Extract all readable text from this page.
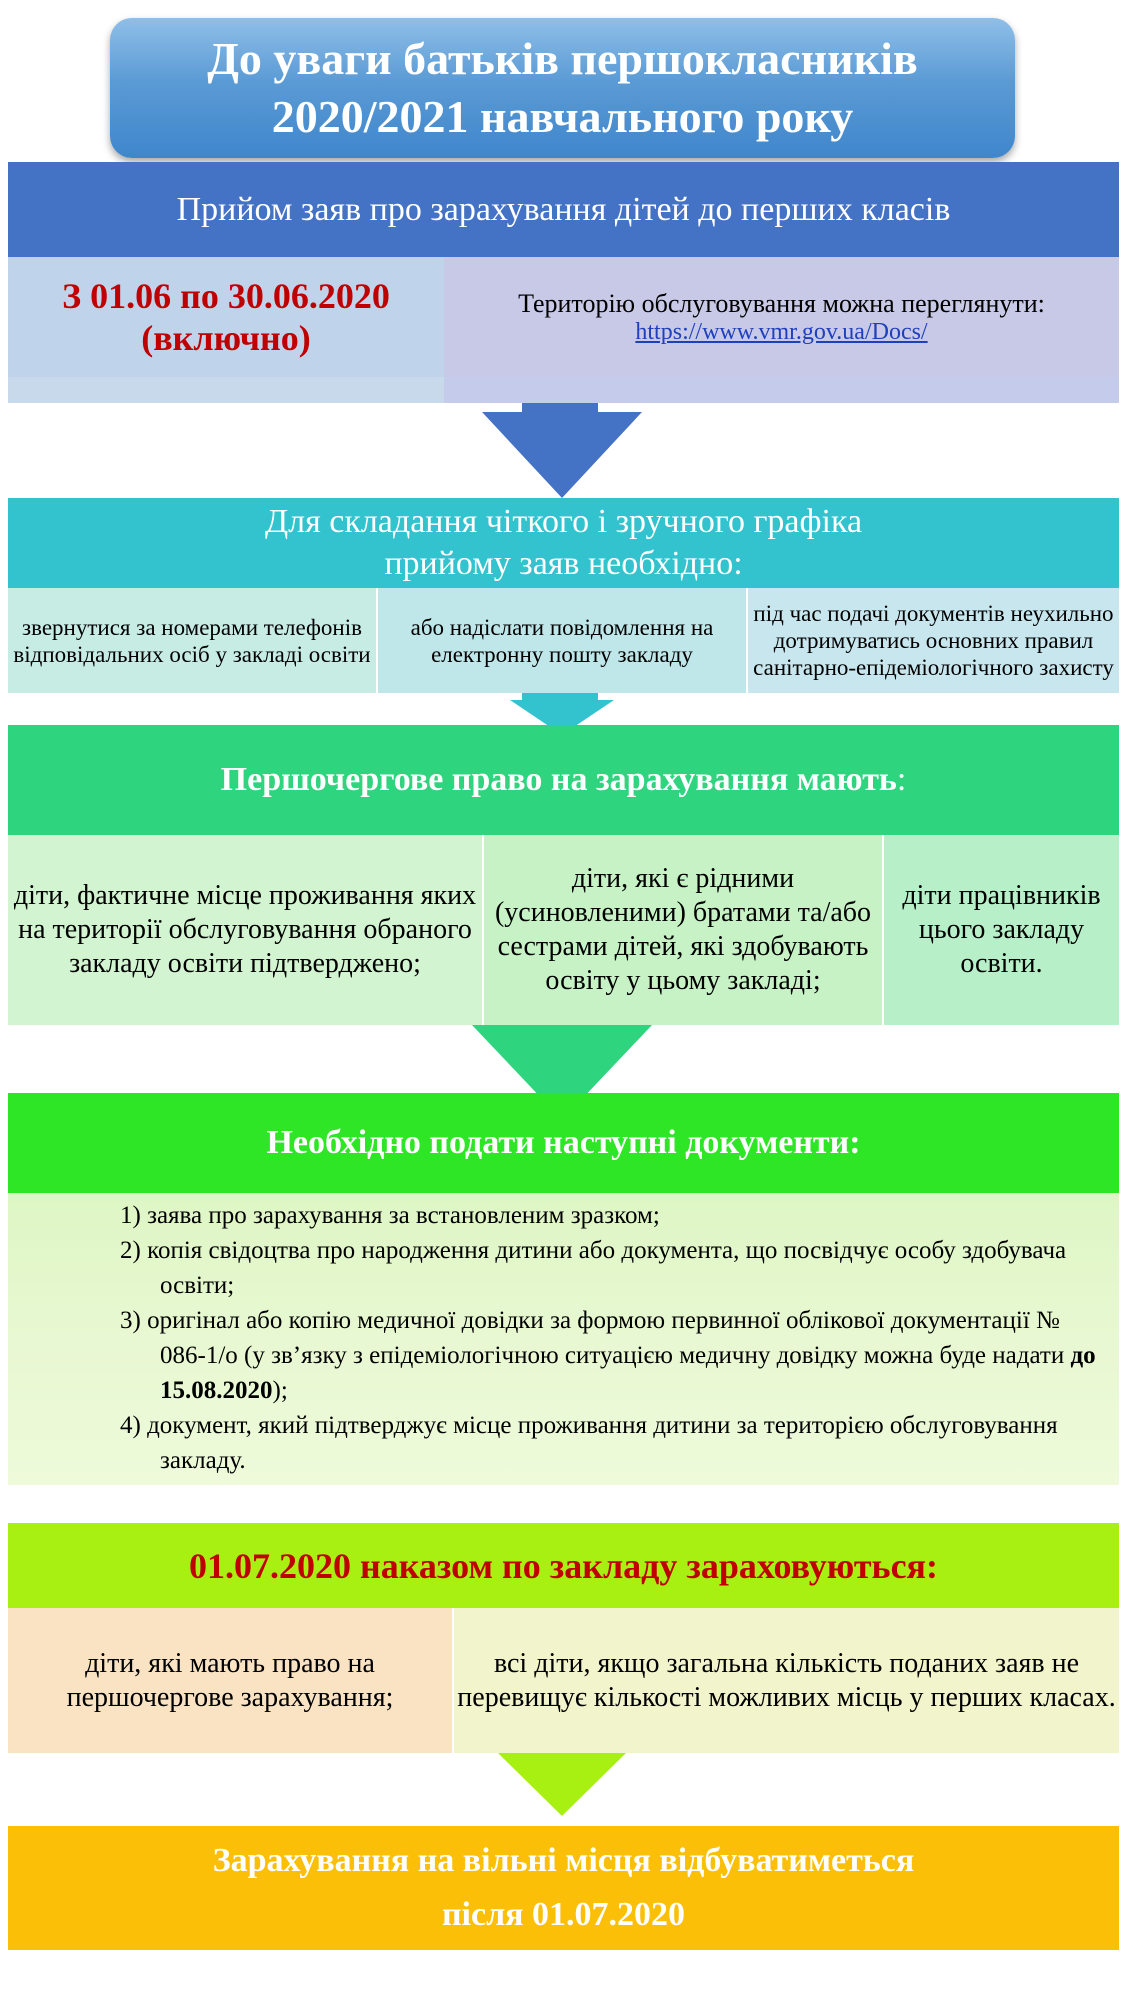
До уваги батьків першокласників
2020/2021 навчального року
Прийом заяв про зарахування дітей до перших класів
З 01.06 по 30.06.2020
(включно)
Територію обслуговування можна переглянути:
https://www.vmr.gov.ua/Docs/
Для складання чіткого і зручного графіка
прийому заяв необхідно:
звернутися за номерами телефонів відповідальних осіб у закладі освіти
або надіслати повідомлення на електронну пошту закладу
під час подачі документів неухильно дотримуватись основних правил санітарно-епідеміологічного захисту
Першочергове право на зарахування мають:
діти, фактичне місце проживання яких на території обслуговування обраного закладу освіти підтверджено;
діти, які є рідними (усиновленими) братами та/або сестрами дітей, які здобувають освіту у цьому закладі;
діти працівників цього закладу освіти.
Необхідно подати наступні документи:
1) заява про зарахування за встановленим зразком;
2) копія свідоцтва про народження дитини або документа, що посвідчує особу здобувача освіти;
3) оригінал або копію медичної довідки за формою первинної облікової документації № 086-1/о (у зв’язку з епідеміологічною ситуацією медичну довідку можна буде надати до 15.08.2020);
4) документ, який підтверджує місце проживання дитини за територією обслуговування закладу.
01.07.2020 наказом по закладу зараховуються:
діти, які мають право на першочергове зарахування;
всі діти, якщо загальна кількість поданих заяв не перевищує кількості можливих місць у перших класах.
Зарахування на вільні місця відбуватиметься
після 01.07.2020
